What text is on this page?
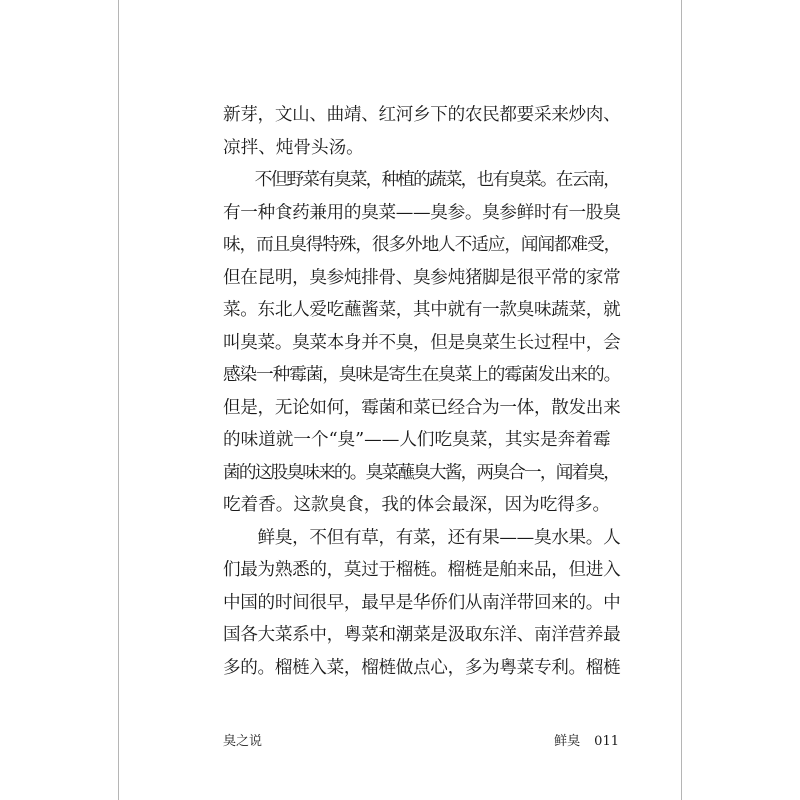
新芽，文山、曲靖、红河乡下的农民都要采来炒肉、
凉拌、炖骨头汤。
　　不但野菜有臭菜，种植的蔬菜，也有臭菜。在云南，
有一种食药兼用的臭菜——臭参。臭参鲜时有一股臭
味，而且臭得特殊，很多外地人不适应，闻闻都难受，
但在昆明，臭参炖排骨、臭参炖猪脚是很平常的家常
菜。东北人爱吃蘸酱菜，其中就有一款臭味蔬菜，就
叫臭菜。臭菜本身并不臭，但是臭菜生长过程中，会
感染一种霉菌，臭味是寄生在臭菜上的霉菌发出来的。
但是，无论如何，霉菌和菜已经合为一体，散发出来
的味道就一个“臭”——人们吃臭菜，其实是奔着霉
菌的这股臭味来的。臭菜蘸臭大酱，两臭合一，闻着臭，
吃着香。这款臭食，我的体会最深，因为吃得多。
　　鲜臭，不但有草，有菜，还有果——臭水果。人
们最为熟悉的，莫过于榴梿。榴梿是舶来品，但进入
中国的时间很早，最早是华侨们从南洋带回来的。中
国各大菜系中，粤菜和潮菜是汲取东洋、南洋营养最
多的。榴梿入菜，榴梿做点心，多为粤菜专利。榴梿
臭之说	鲜臭 011
